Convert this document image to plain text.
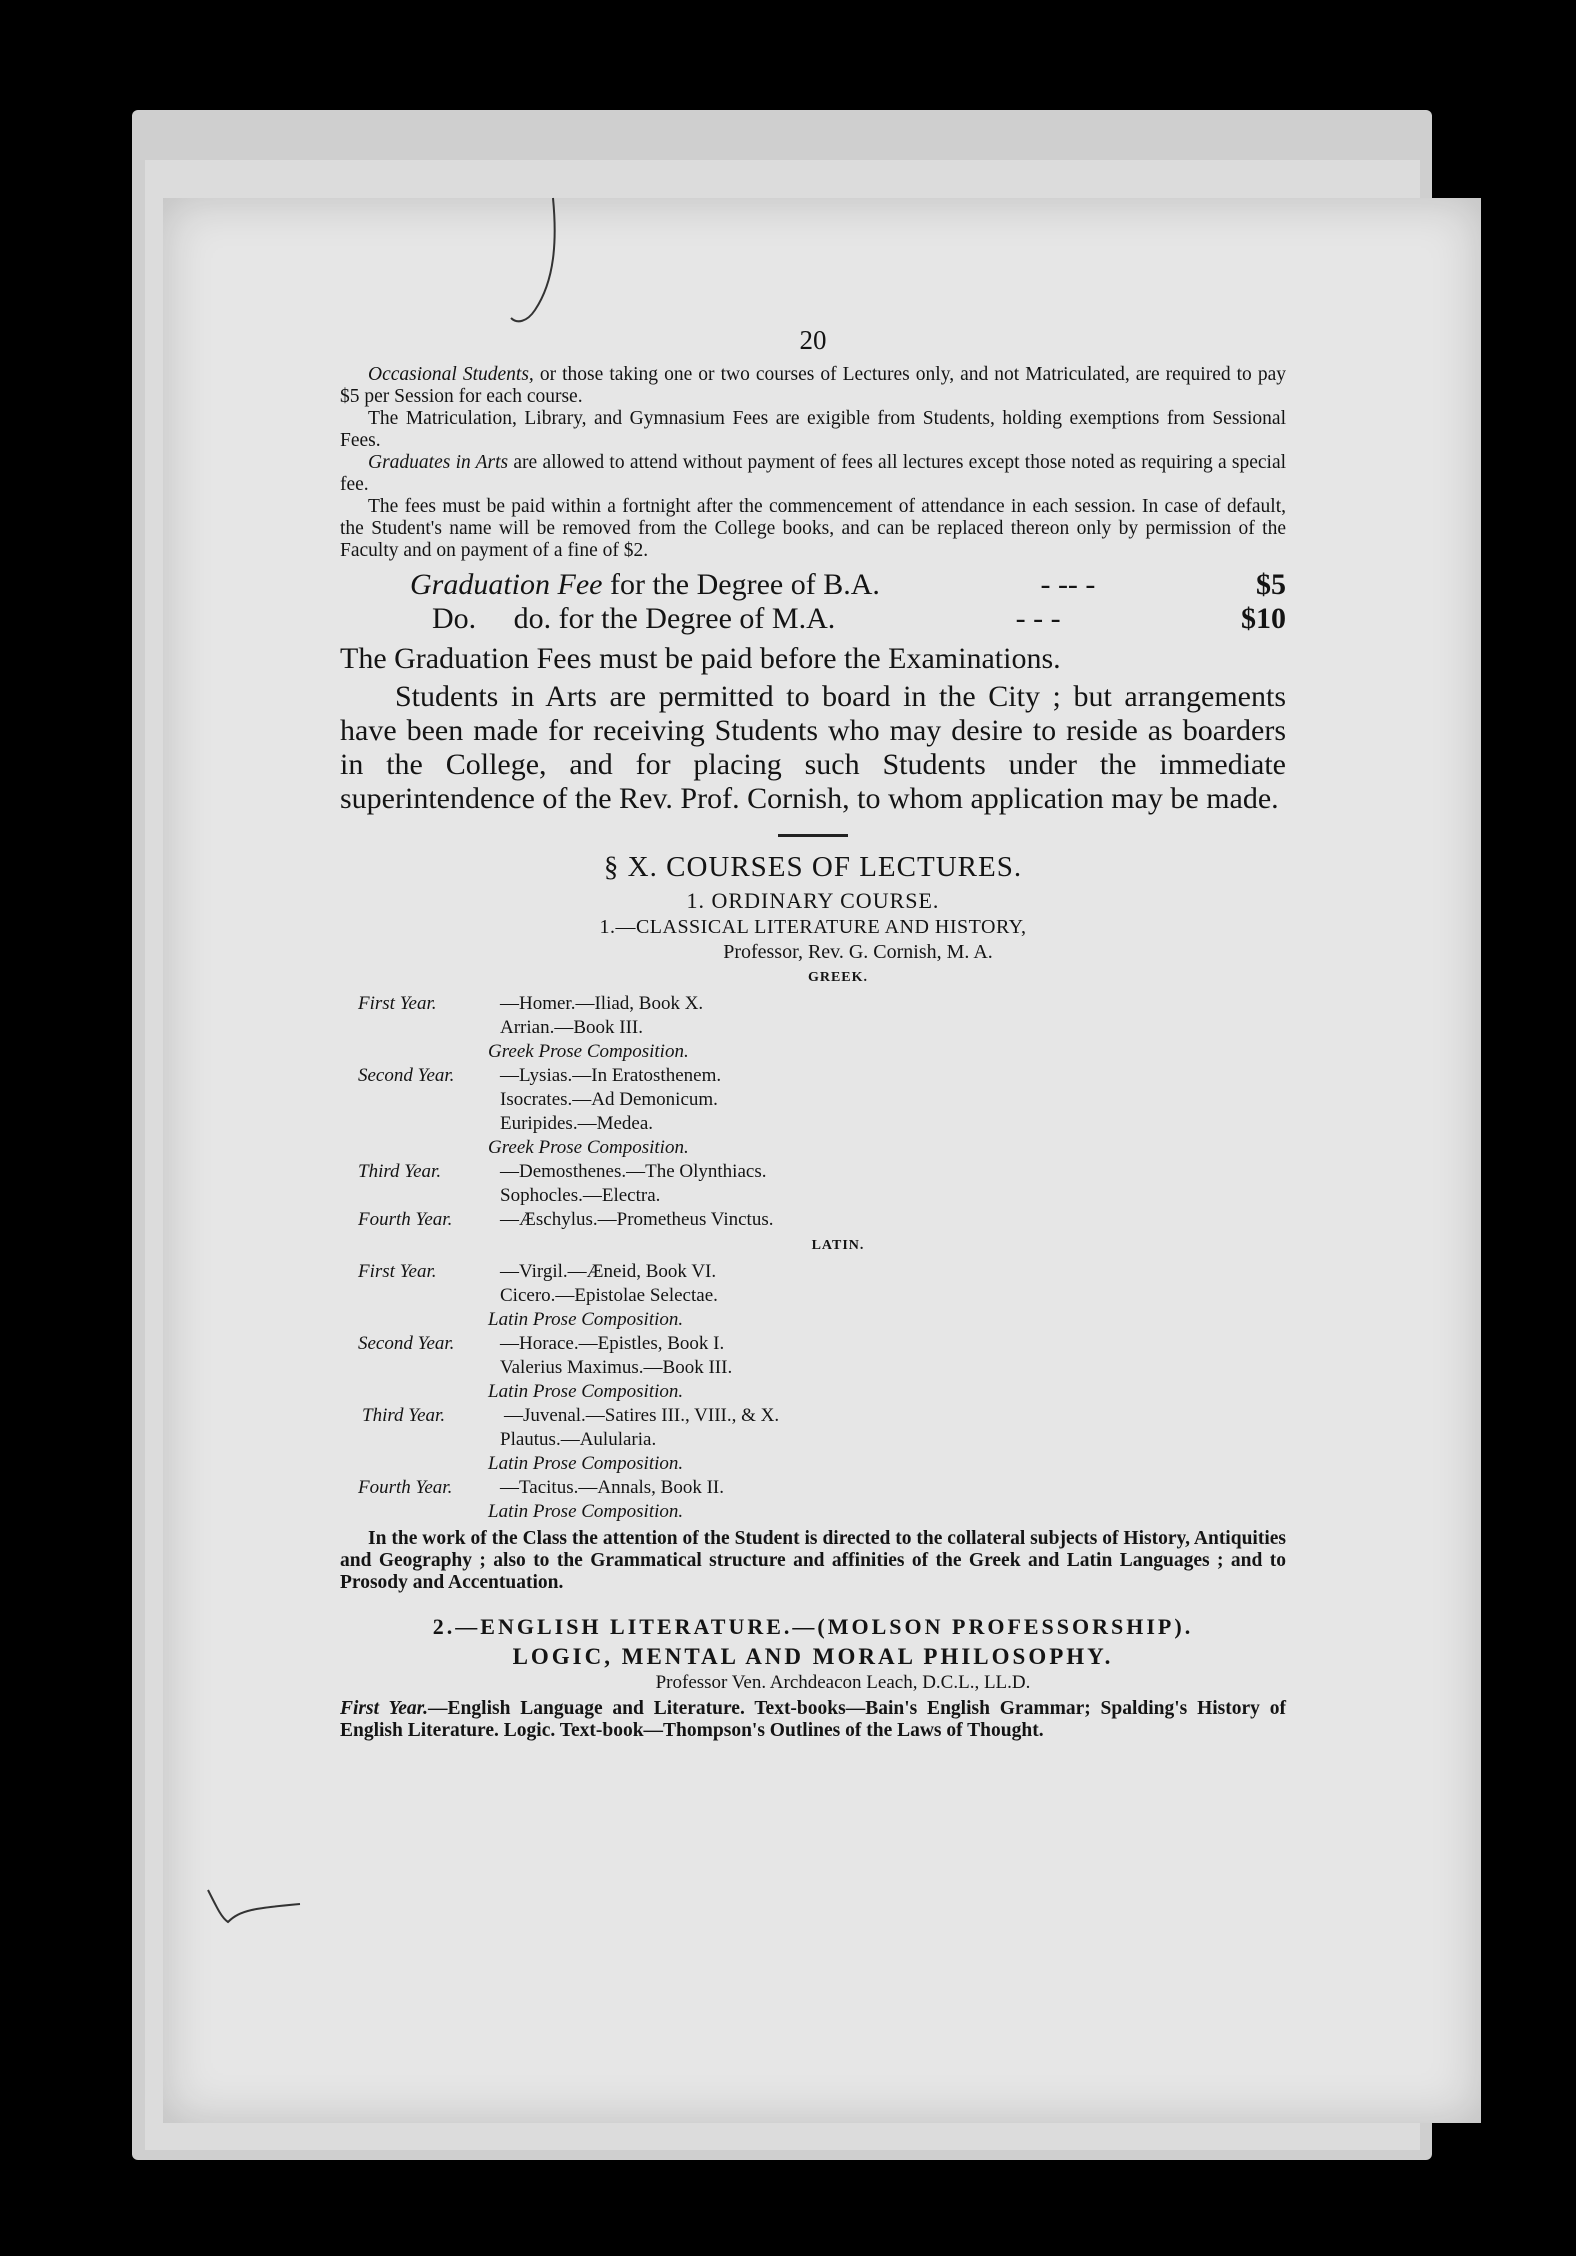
20

Occasional Students, or those taking one or two courses of Lectures only, and not Matriculated, are required to pay $5 per Session for each course.

The Matriculation, Library, and Gymnasium Fees are exigible from Students, holding exemptions from Sessional Fees.

Graduates in Arts are allowed to attend without payment of fees all lectures except those noted as requiring a special fee.

The fees must be paid within a fortnight after the commencement of attendance in each session. In case of default, the Student's name will be removed from the College books, and can be replaced thereon only by permission of the Faculty and on payment of a fine of $2.

Graduation Fee for the Degree of B.A.	- -- -	$5
Do.     do. for the Degree of M.A.	- - -	$10

The Graduation Fees must be paid before the Examinations.

Students in Arts are permitted to board in the City ; but arrangements have been made for receiving Students who may desire to reside as boarders in the College, and for placing such Students under the immediate superintendence of the Rev. Prof. Cornish, to whom application may be made.

§ X. COURSES OF LECTURES.
1. ORDINARY COURSE.
1.—CLASSICAL LITERATURE AND HISTORY,
Professor, Rev. G. Cornish, M. A.
GREEK.

First Year.	—Homer.—Iliad, Book X.

Arrian.—Book III.

Greek Prose Composition.

Second Year. —Lysias.—In Eratosthenem.

Isocrates.—Ad Demonicum.

Euripides.—Medea.

Greek Prose Composition.

Third Year.	—Demosthenes.—The Olynthiacs.

Sophocles.—Electra.

Fourth Year.	—Æschylus.—Prometheus Vinctus.

LATIN.

First Year.	—Virgil.—Æneid, Book VI.

Cicero.—Epistolae Selectae.

Latin Prose Composition.

Second Year. —Horace.—Epistles, Book I.

Valerius Maximus.—Book III.

Latin Prose Composition.

Third Year.	—Juvenal.—Satires III., VIII., & X.

Plautus.—Aulularia.

Latin Prose Composition.

Fourth Year.	—Tacitus.—Annals, Book II.

Latin Prose Composition.

In the work of the Class the attention of the Student is directed to the collateral subjects of History, Antiquities and Geography ; also to the Grammatical structure and affinities of the Greek and Latin Languages ; and to Prosody and Accentuation.

2.—ENGLISH LITERATURE.—(MOLSON PROFESSORSHIP).
LOGIC, MENTAL AND MORAL PHILOSOPHY.
Professor Ven. Archdeacon Leach, D.C.L., LL.D.

First Year.—English Language and Literature. Text-books—Bain's English Grammar; Spalding's History of English Literature. Logic. Text-book—Thompson's Outlines of the Laws of Thought.
